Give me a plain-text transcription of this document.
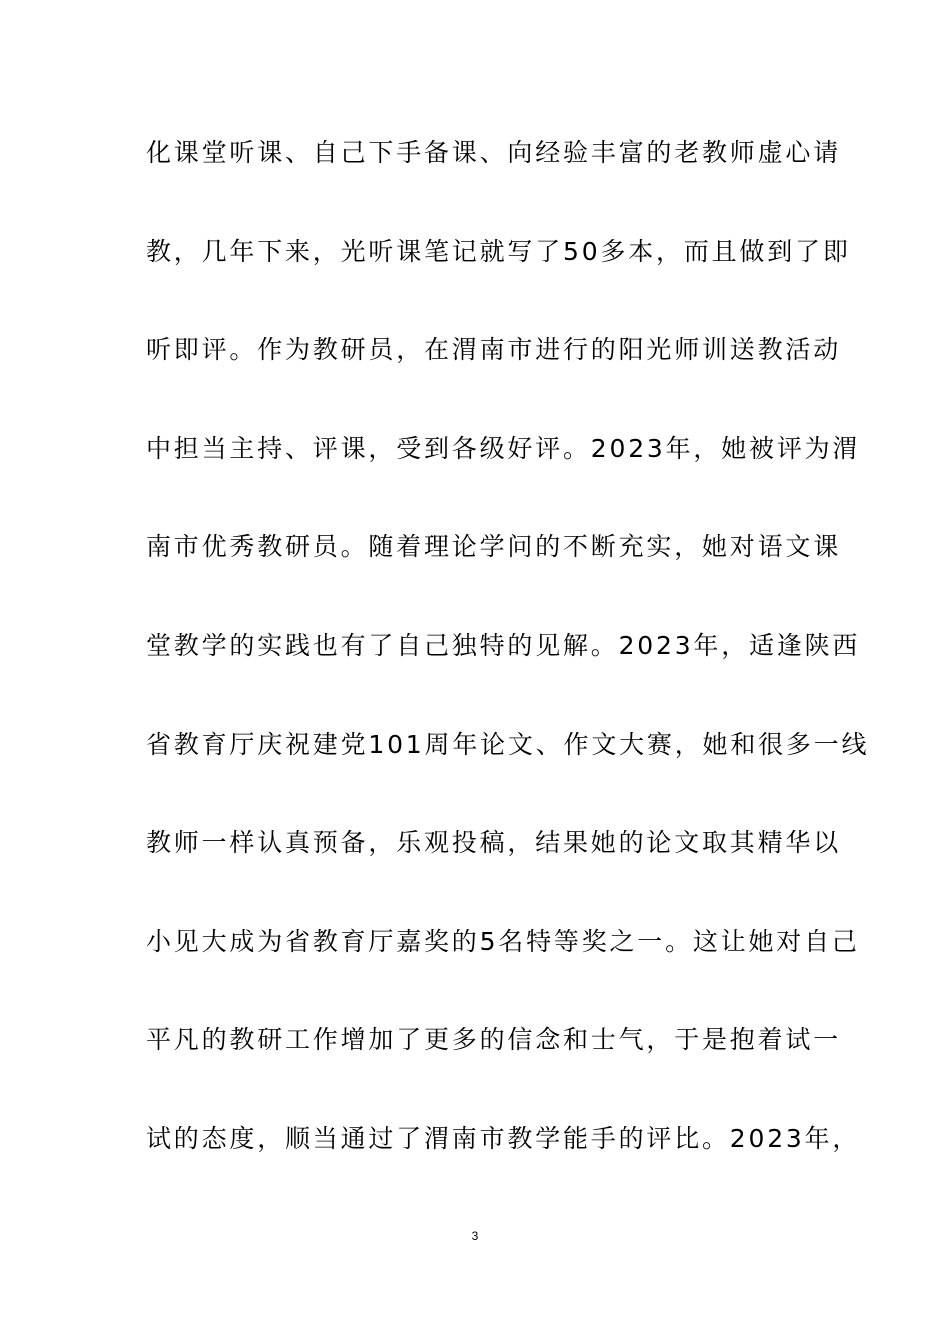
化课堂听课、自己下手备课、向经验丰富的老教师虚心请
教，几年下来，光听课笔记就写了50多本，而且做到了即
听即评。作为教研员，在渭南市进行的阳光师训送教活动
中担当主持、评课，受到各级好评。2023年，她被评为渭
南市优秀教研员。随着理论学问的不断充实，她对语文课
堂教学的实践也有了自己独特的见解。2023年，适逢陕西
省教育厅庆祝建党101周年论文、作文大赛，她和很多一线
教师一样认真预备，乐观投稿，结果她的论文取其精华以
小见大成为省教育厅嘉奖的5名特等奖之一。这让她对自己
平凡的教研工作增加了更多的信念和士气，于是抱着试一
试的态度，顺当通过了渭南市教学能手的评比。2023年，
3
